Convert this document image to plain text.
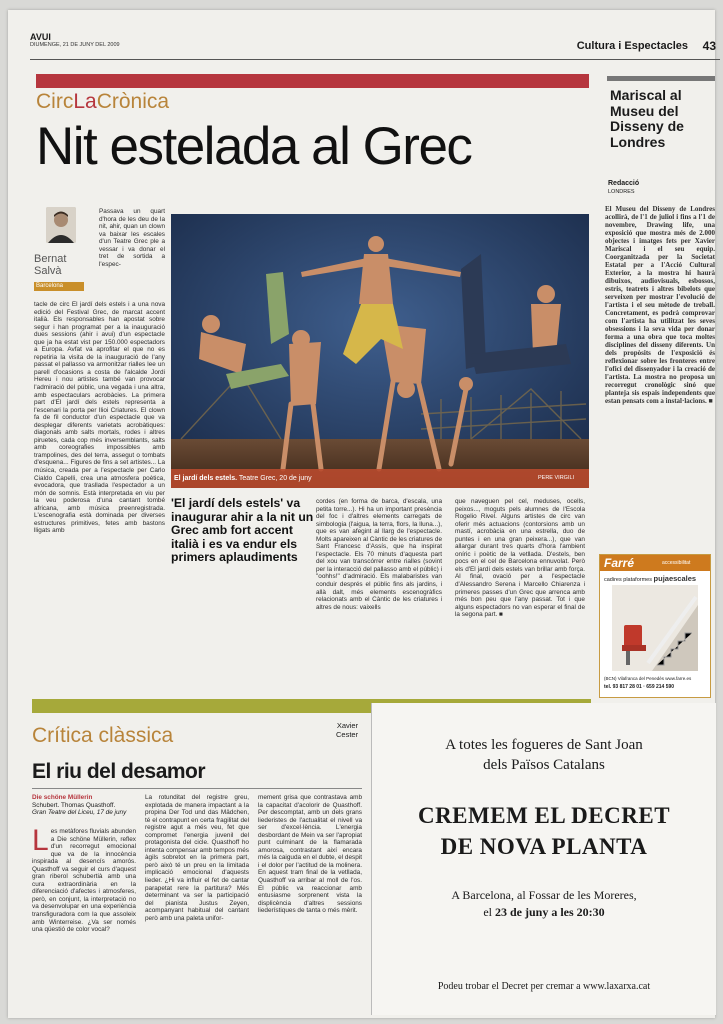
AVUI
DIUMENGE, 21 DE JUNY DEL 2009	Cultura i Espectacles 43
CircLaCrònica
Nit estelada al Grec
Bernat
Salvà
Barcelona
Passava un quart d'hora de les deu de la nit, ahir, quan un clown va baixar les escales d'un Teatre Grec ple a vessar i va donar el tret de sortida a l'espec-
tacle de circ El jardí dels estels i a una nova edició del Festival Grec, de marcat accent italià. Els responsables han apostat sobre segur i han programat per a la inauguració dues sessions (ahir i avui) d'un espectacle que ja ha estat vist per 150.000 espectadors a Europa. Avfat va aprofitar el que no es repetiria la visita de la inauguració de l'any passat el pallasso va armonitzar rialles lee un parell d'ocasions a costa de l'alcalde Jordi Hereu i nou artistes també van provocar l'admiració del públic, una vegada i una altra, amb espectaculars acrobàcies. La primera part d'El jardí dels estels representa a l'escenari la porta per Ilioi Criatures. El clown fa de fil conductor d'un espectacle que va desplegar diferents varietats acrobàtiques: diagonals amb salts mortals, rodes i altres piruetes, cada cop més inversemblants, salts amb coreografies impossibles amb trampolines, des del terra, assegut o tombats d'esquena... Figures de fins a set artistes... La música, creada per a l'espectacle per Carlo Cialdo Capelli, crea una atmosfera poètica, evocadora, que trasllada l'espectador a un món de somnis. Està interpretada en viu per la veu poderosa d'una cantant tombé africana, amb música preenregistrada. L'escenografia està dominada per diverses estructures primitives, fetes amb bastons lligats amb
El jardí dels estels. Teatre Grec, 20 de juny	PERE VIRGILI
'El jardí dels estels' va inaugurar ahir a la nit un Grec amb fort accent italià i es va endur els primers aplaudiments
cordes (en forma de barca, d'escala, una petita torre...). Hi ha un important presència del foc i d'altres elements carregats de simbologia (l'aigua, la terra, flors, la lluna...), que es van afegint al llarg de l'espectacle. Molts apareixen al Càntic de les criatures de Sant Francesc d'Assís, que ha inspirat l'espectacle. Els 70 minuts d'aquesta part del xou van transcórrer entre rialles (sovint per la interacció del pallasso amb el públic) i "oohhs!" d'admiració. Els malabaristes van conduir després el públic fins als jardins, i allà dalt, més elements escenogràfics relacionats amb el Càntic de les criatures i altres de nous: vaixells
que naveguen pel cel, meduses, ocells, peixos..., moguts pels alumnes de l'Escola Rogelio Rivel. Alguns artistes de circ van oferir més actuacions (contorsions amb un mastí, acrobàcia en una estrella, duo de puntes i en una gran peixera...), que van allargar durant tres quarts d'hora l'ambient oníric i poètic de la vetllada. D'estels, ben pocs en el cel de Barcelona ennuvolat. Però els d'El jardí dels estels van brillar amb força. Al final, ovació per a l'espectacle d'Alessandro Serena i Marcello Chiarenza i primeres passes d'un Grec que arrenca amb més bon peu que l'any passat. Tot i que alguns espectadors no van esperar el final de la segona part. ■
Mariscal al Museu del Disseny de Londres
Redacció
LONDRES
El Museu del Disseny de Londres acollirà, de l'1 de juliol i fins a l'1 de novembre, Drawing life, una exposició que mostra més de 2.000 objectes i imatges fets per Xavier Mariscal i el seu equip. Coorganitzada per la Societat Estatal per a l'Acció Cultural Exterior, a la mostra hi haurà dibuixos, audiovisuals, esbossos, estris, teatrets i altres bibelots que serveixen per mostrar l'evolució de l'artista i el seu mètode de treball. Concretament, es podrà comprovar com l'artista ha utilitzat les seves obsessions i la seva vida per donar forma a una obra que toca moltes disciplines del disseny diferents. Un dels propòsits de l'exposició és reflexionar sobre les fronteres entre l'ofici del dissenyador i la creació de l'artista. La mostra no proposa un recorregut cronològic sinó que planteja sis espais independents que estan pensats com a instal·lacions. ■
Farré	accessibilitat
cadires plataformes pujaescales
(BCN) Vilafranca del Penedès www.farre.es
tel. 93 817 28 01 · 659 214 590
Crítica clàssica	Xavier
Cester
El riu del desamor
Die schöne Müllerin
Schubert. Thomas Quasthoff.
Gran Teatre del Liceu, 17 de juny
Les metàfores fluvials abunden a Die schöne Müllerin, reflex d'un recorregut emocional que va de la innocència inspirada al desencís amorós. Quasthoff va seguir el curs d'aquest gran riberol schubertià amb una cura extraordinària en la diferenciació d'afectes i atmosferes, però, en conjunt, la interpretació no va desenvolupar en una experiència transfiguradora com la que assoleix amb Winterreise. ¿Va ser només una qüestió de color vocal?
La rotunditat del registre greu, explotada de manera impactant a la propina Der Tod und das Mädchen, té el contrapunt en certa fragilitat del registre agut a més veu, fet que compromet l'energia juvenil del protagonista del cicle. Quasthoff ho intenta compensar amb tempos més àgils sobretot en la primera part, però això té un preu en la limitada implicació emocional d'aquests lieder. ¿Hi va influir el fet de cantar parapetat rere la partitura? Més determinant va ser la participació del pianista Justus Zeyen, acompanyant habitual del cantant però amb una paleta unifor-
mement grisa que contrastava amb la capacitat d'acolorir de Quasthoff. Per descomptat, amb un dels grans liederistes de l'actualitat el nivell va ser d'excel·lència. L'energia desbordant de Mein va ser l'apropiat punt culminant de la flamarada amorosa, contrastant així encara més la caiguda en el dubte, el despit i el dolor per l'actitud de la molinera. En aquest tram final de la vetllada, Quasthoff va arribar al moll de l'os. El públic va reaccionar amb entusiasme sorprenent vista la displicència d'altres sessions liederístiques de tanta o més mèrit.
A totes les fogueres de Sant Joan
dels Països Catalans
CREMEM EL DECRET
DE NOVA PLANTA
A Barcelona, al Fossar de les Moreres,
el 23 de juny a les 20:30
Podeu trobar el Decret per cremar a www.laxarxa.cat
